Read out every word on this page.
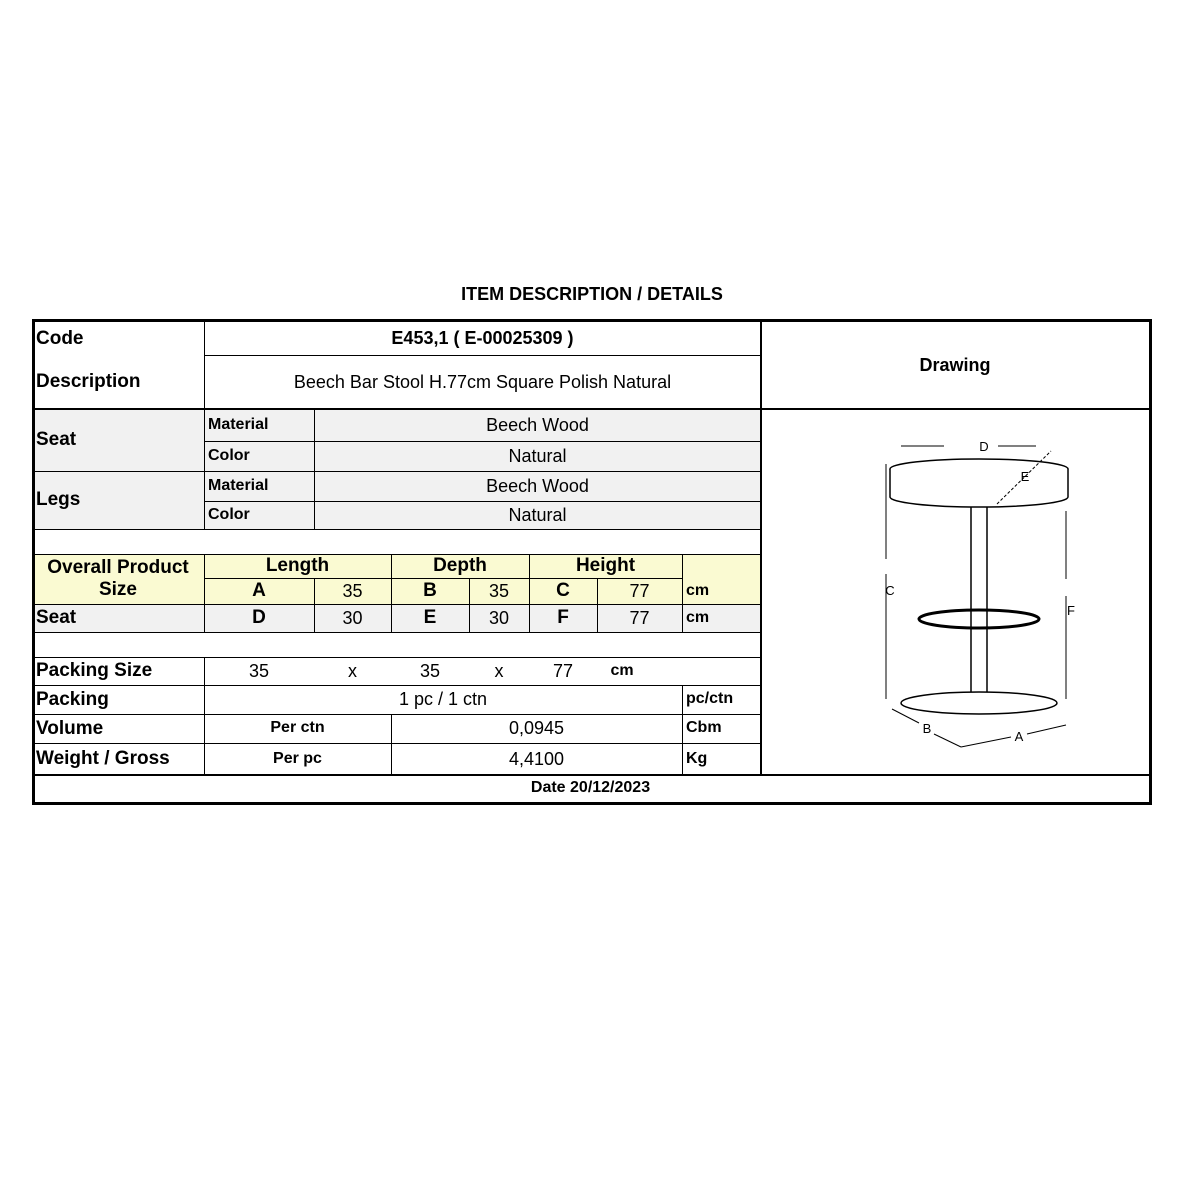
ITEM DESCRIPTION / DETAILS
Code	E453,1 ( E-00025309 )
Description	Beech Bar Stool H.77cm Square Polish Natural
Drawing
Seat
Material	Beech Wood
Color	Natural
Legs
Material	Beech Wood
Color	Natural
Overall Product Size
Length	Depth	Height
A	35	B	35	C	77	cm
Seat	D	30	E	30	F	77	cm
Packing Size	35	x	35	x	77	cm
Packing	1 pc / 1 ctn	pc/ctn
Volume	Per ctn	0,0945	Cbm
Weight / Gross	Per pc	4,4100	Kg
Date 20/12/2023
D
E
C
F
B
A
